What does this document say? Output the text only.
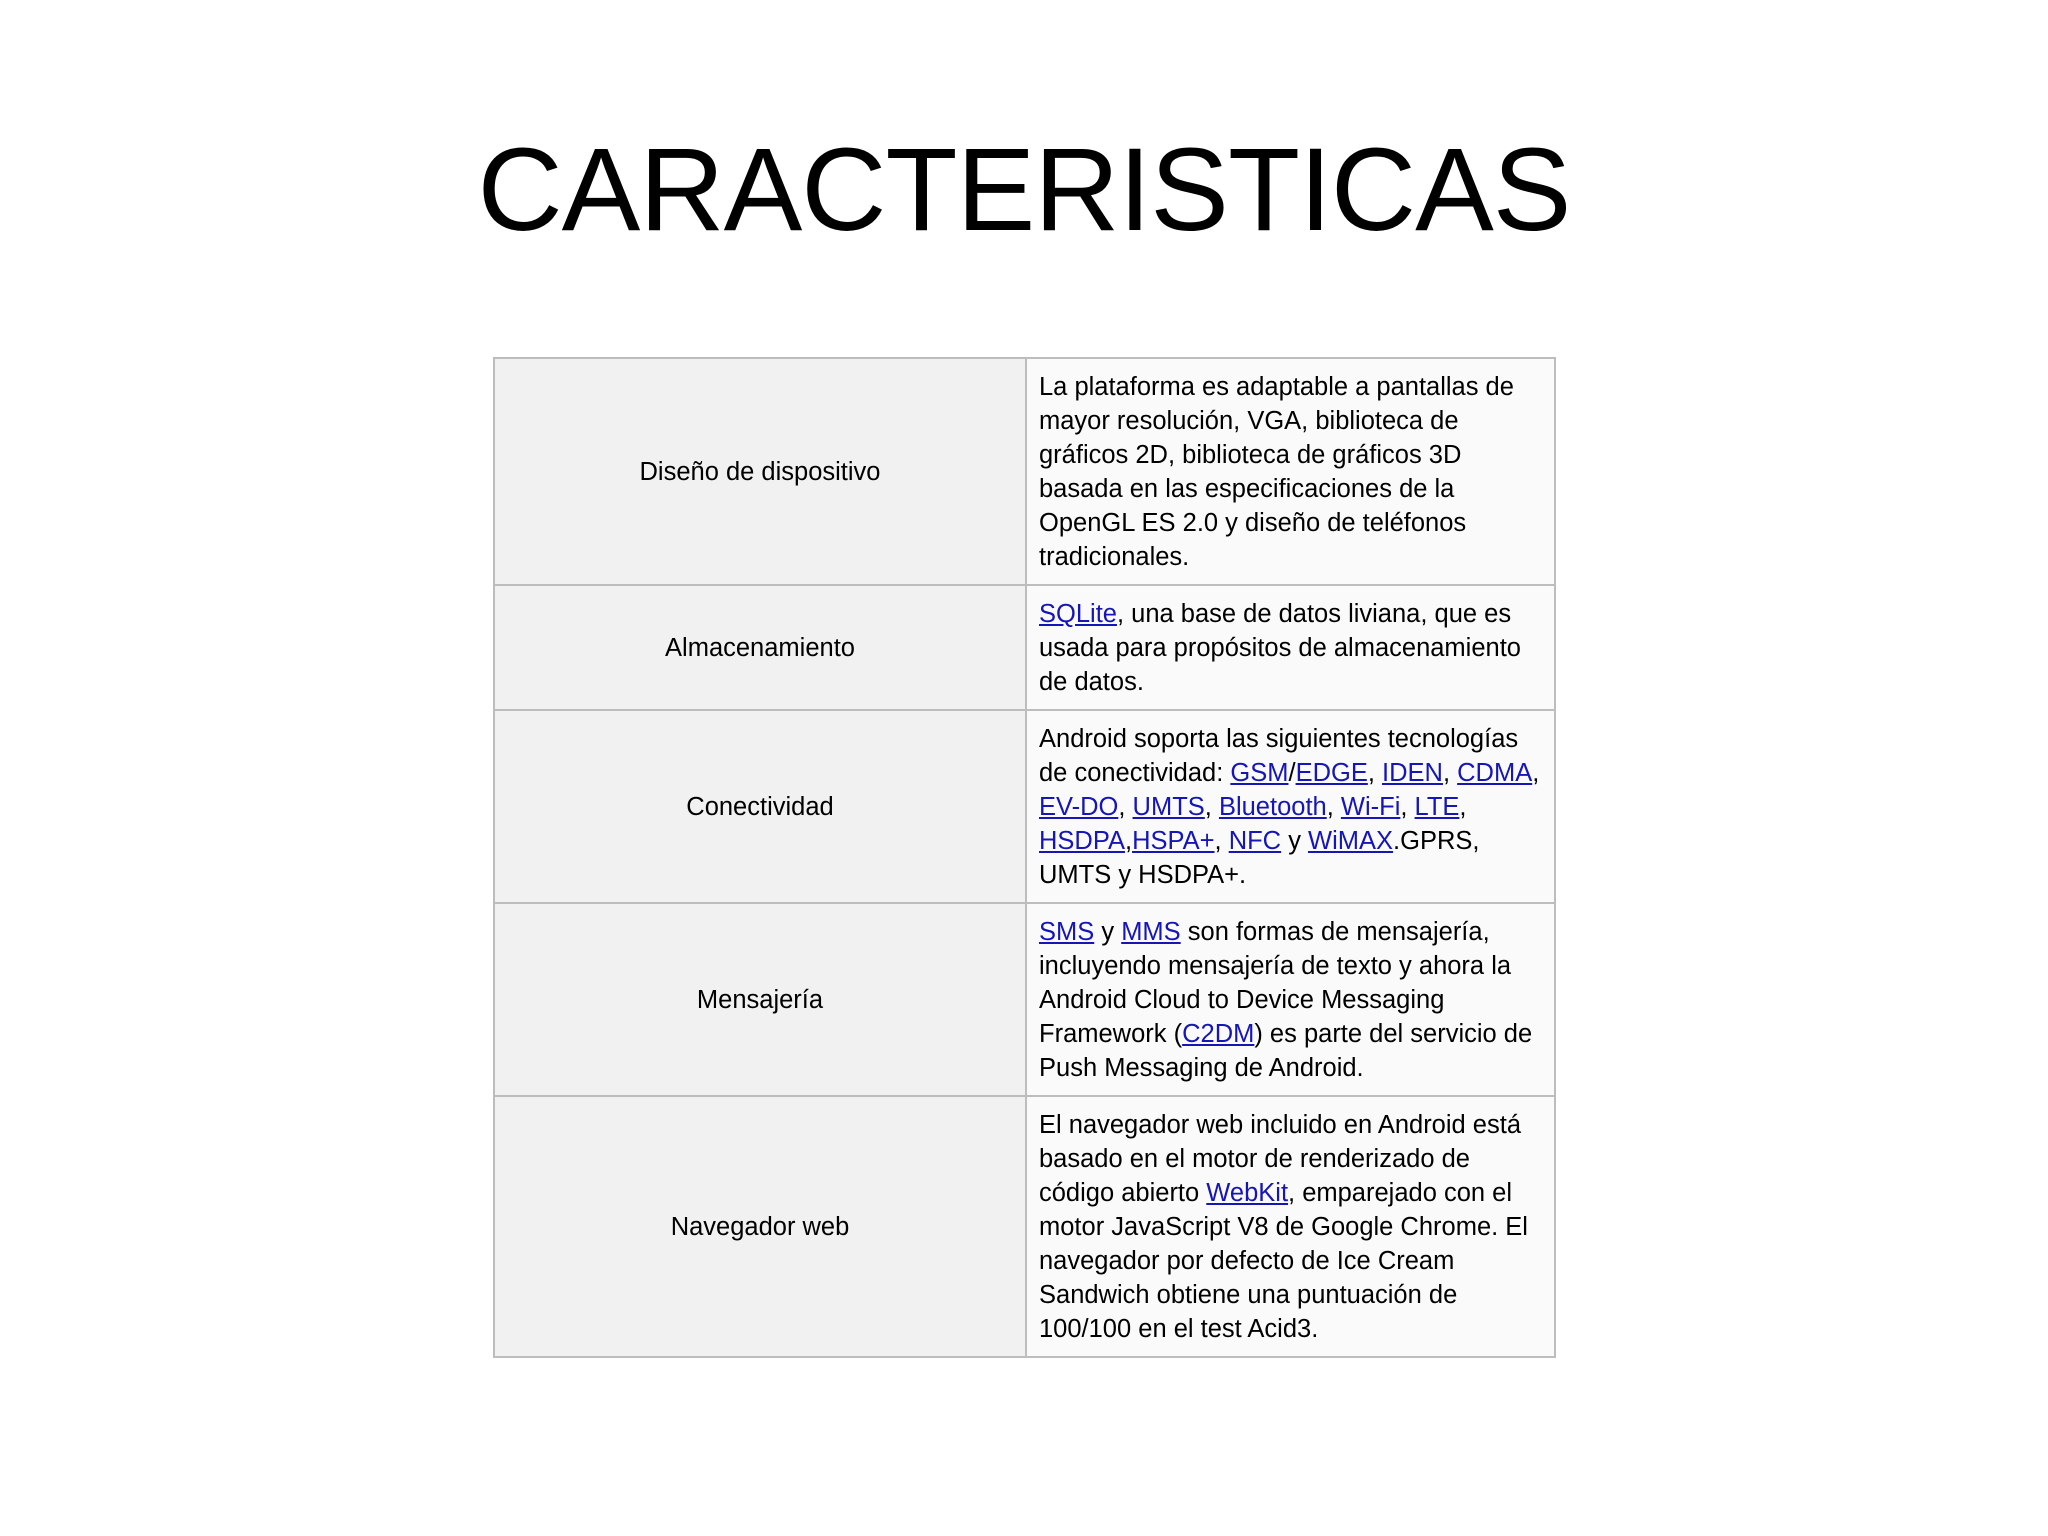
CARACTERISTICAS
Diseño de dispositivo	La plataforma es adaptable a pantallas de mayor resolución, VGA, biblioteca de gráficos 2D, biblioteca de gráficos 3D basada en las especificaciones de la OpenGL ES 2.0 y diseño de teléfonos tradicionales.
Almacenamiento	SQLite, una base de datos liviana, que es usada para propósitos de almacenamiento de datos.
Conectividad	Android soporta las siguientes tecnologías de conectividad: GSM/EDGE, IDEN, CDMA, EV-DO, UMTS, Bluetooth, Wi-Fi, LTE, HSDPA,HSPA+, NFC y WiMAX.GPRS, UMTS y HSDPA+.
Mensajería	SMS y MMS son formas de mensajería, incluyendo mensajería de texto y ahora la Android Cloud to Device Messaging Framework (C2DM) es parte del servicio de Push Messaging de Android.
Navegador web	El navegador web incluido en Android está basado en el motor de renderizado de código abierto WebKit, emparejado con el motor JavaScript V8 de Google Chrome. El navegador por defecto de Ice Cream Sandwich obtiene una puntuación de 100/100 en el test Acid3.
